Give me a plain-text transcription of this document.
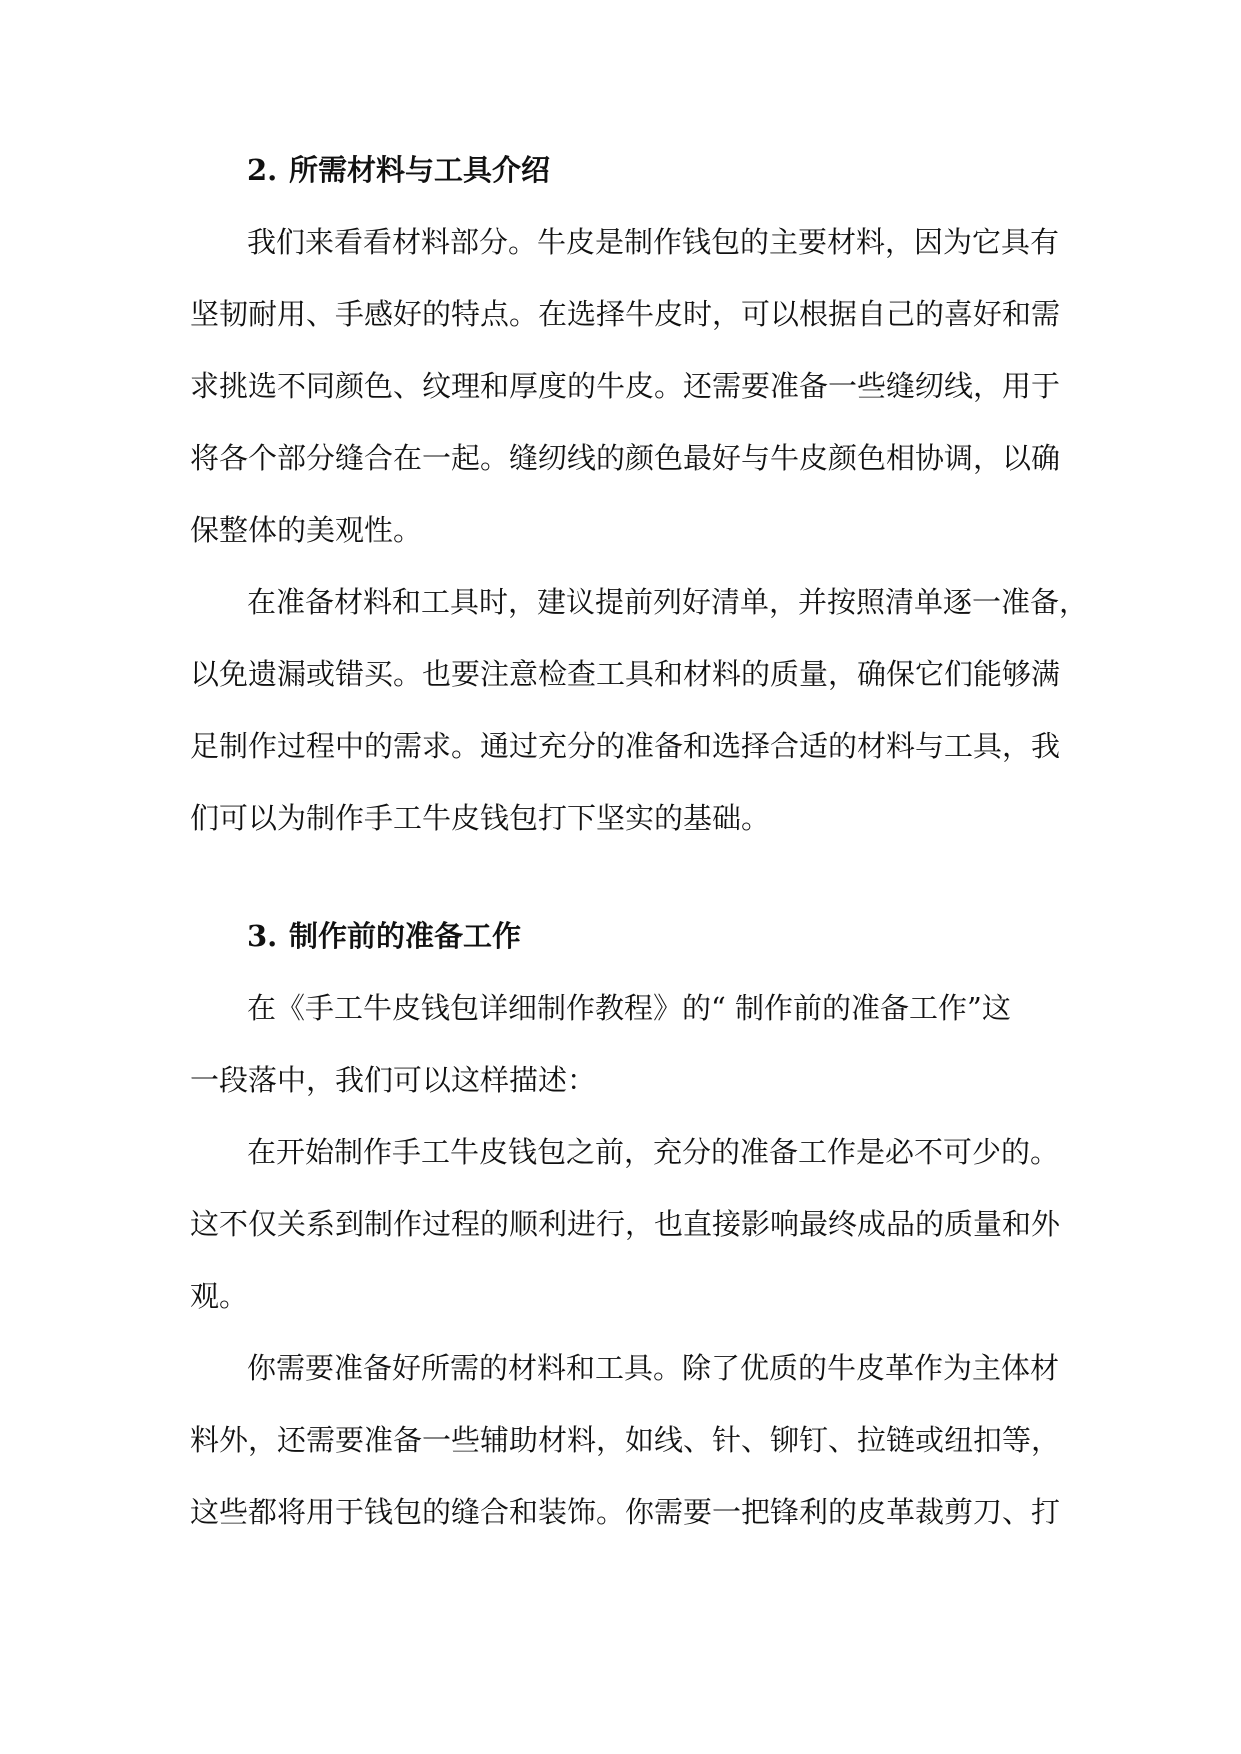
2. 所需材料与工具介绍
我们来看看材料部分。牛皮是制作钱包的主要材料，因为它具有
坚韧耐用、手感好的特点。在选择牛皮时，可以根据自己的喜好和需
求挑选不同颜色、纹理和厚度的牛皮。还需要准备一些缝纫线，用于
将各个部分缝合在一起。缝纫线的颜色最好与牛皮颜色相协调，以确
保整体的美观性。
在准备材料和工具时，建议提前列好清单，并按照清单逐一准备，
以免遗漏或错买。也要注意检查工具和材料的质量，确保它们能够满
足制作过程中的需求。通过充分的准备和选择合适的材料与工具，我
们可以为制作手工牛皮钱包打下坚实的基础。
3. 制作前的准备工作
在《手工牛皮钱包详细制作教程》的“ 制作前的准备工作”这
一段落中，我们可以这样描述：
在开始制作手工牛皮钱包之前，充分的准备工作是必不可少的。
这不仅关系到制作过程的顺利进行，也直接影响最终成品的质量和外
观。
你需要准备好所需的材料和工具。除了优质的牛皮革作为主体材
料外，还需要准备一些辅助材料，如线、针、铆钉、拉链或纽扣等，
这些都将用于钱包的缝合和装饰。你需要一把锋利的皮革裁剪刀、打
